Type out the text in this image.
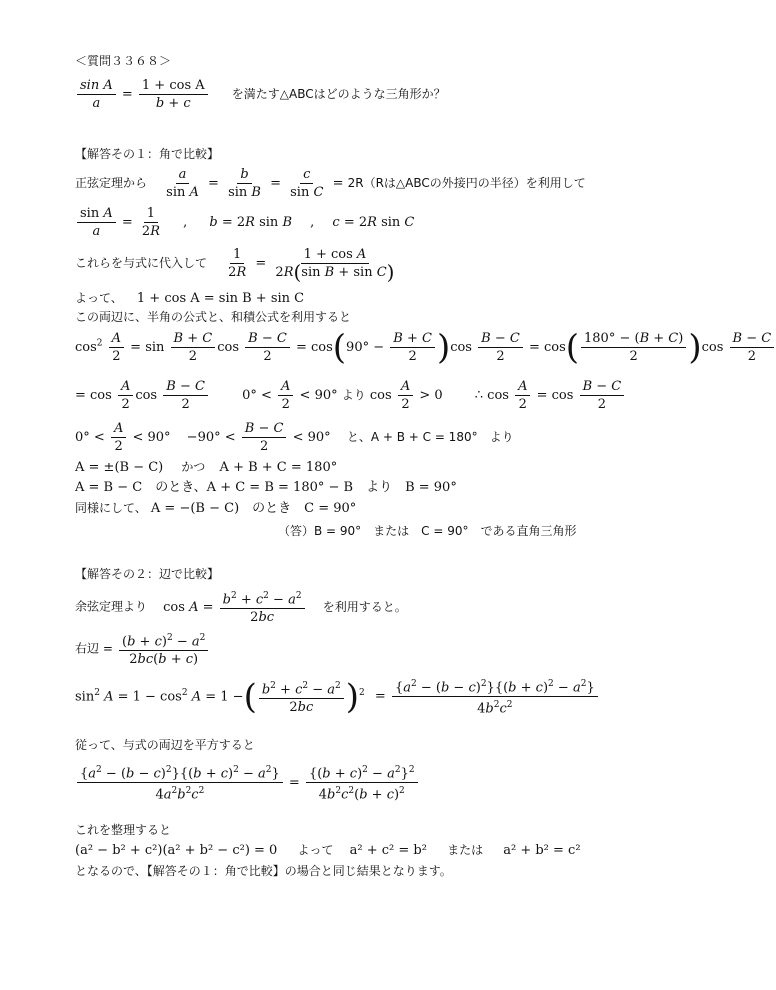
＜質問３３６８＞
$\frac{\text{sin A}}{a} = \frac{\text{1 + cos A}}{b + c}$ を満たす△ABCはどのような三角形か？
【解答その１：角で比較】
正弦定理から $\frac{a}{\text{sin A}} = \frac{b}{\text{sin B}} = \frac{c}{\text{sin C}} = 2R(R$は△ABCの外接円の半径）を利用して
$\frac{\text{sin A}}{a} = \frac{1}{2R}$ , b = 2R sin B , c = 2R sin C
これらを与式に代入して $\frac{1}{2R} = \frac{\text{1 + cos A}}{\text{2R(sin B + sin C)}}$
よって、 1 + cos A = sin B + sin C
この両辺に、半角の公式と、和積公式を利用すると
$\cos^2 \frac{A}{2} = \sin \frac{B + C}{2}$ $\cos \frac{B - C}{2} = \cos(90^\circ - \frac{B + C}{2} )\cos \frac{B - C}{2} = \cos( \frac{180^\circ - (B + C)}{2} )\cos \frac{B - C}{2}$
= $\cos \frac{A}{2}$ $\cos \frac{B - C}{2}$	$0^\circ < \frac{A}{2} < 90^\circ$ より $\cos \frac{A}{2} > 0$ ∴ $\cos \frac{A}{2} = \cos \frac{B - C}{2}$
$0^\circ < \frac{A}{2} < 90^\circ -90^\circ < \frac{B - C}{2} < 90^\circ$ と、A + B + C = 180°　より
A = ±(B − C) かつ A + B + C = 180°
A = B − C　のとき、A + C = B = 180° − B　より　B = 90°
同様にして、 A = −(B − C)　のとき　C = 90°
（答）B = 90°　または　C = 90°　である直角三角形
【解答その２：辺で比較】
余弦定理より $\cos A = \frac{b^2 + c^2 - a^2}{2bc}$ を利用すると。
右辺 = $\frac{(b + c)^2 - a^2}{2bc(b + c)}$
$\sin^2 A = 1 - \cos^2 A = 1$ −( $\frac{b^2 + c^2 - a^2}{2bc} )^2 = \frac{\{a^2 - (b - c)^2\}\{(b + c)^2 - a^2\}}{4b^2c^2}$
従って、与式の両辺を平方すると
$\frac{\{a^2 - (b - c)^2\}\{(b + c)^2 - a^2\}}{4a^2b^2c^2} = \frac{\{(b + c)^2 - a^2\}^2}{4b^2c^2(b + c)^2}$
これを整理すると
(a² − b² + c²)(a² + b² − c²) = 0 よって a² + c² = b² または a² + b² = c²
となるので、【解答その１：角で比較】の場合と同じ結果となります。
